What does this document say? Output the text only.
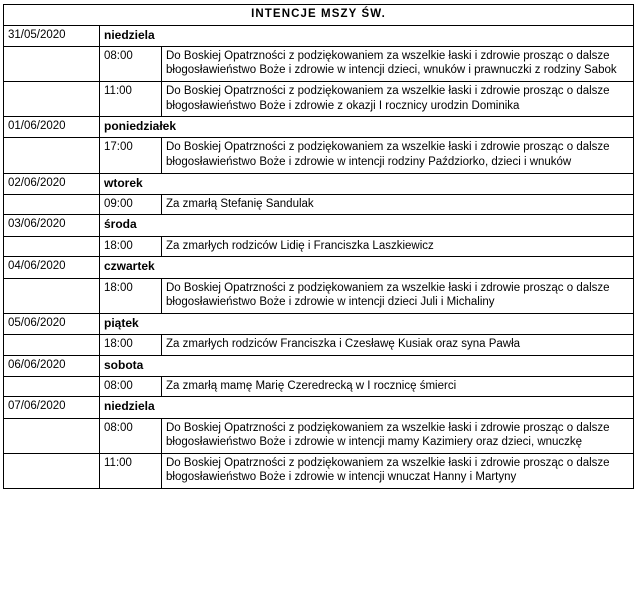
INTENCJE MSZY ŚW.		
31/05/2020	niedziela	
	08:00	Do Boskiej Opatrzności z podziękowaniem za wszelkie łaski i zdrowie prosząc o dalsze błogosławieństwo Boże i zdrowie w intencji dzieci, wnuków i prawnuczki z rodziny Sabok
	11:00	Do Boskiej Opatrzności z podziękowaniem za wszelkie łaski i zdrowie prosząc o dalsze błogosławieństwo Boże i zdrowie z okazji I rocznicy urodzin Dominika
01/06/2020	poniedziałek	
	17:00	Do Boskiej Opatrzności z podziękowaniem za wszelkie łaski i zdrowie prosząc o dalsze błogosławieństwo Boże i zdrowie w intencji rodziny Paździorko, dzieci i wnuków
02/06/2020	wtorek	
	09:00	Za zmarłą Stefanię Sandulak
03/06/2020	środa	
	18:00	Za zmarłych rodziców Lidię i Franciszka Laszkiewicz
04/06/2020	czwartek	
	18:00	Do Boskiej Opatrzności z podziękowaniem za wszelkie łaski i zdrowie prosząc o dalsze błogosławieństwo Boże i zdrowie w intencji dzieci Juli i Michaliny
05/06/2020	piątek	
	18:00	Za zmarłych rodziców Franciszka i Czesławę Kusiak oraz syna Pawła
06/06/2020	sobota	
	08:00	Za zmarłą mamę Marię Czeredrecką w I rocznicę śmierci
07/06/2020	niedziela	
	08:00	Do Boskiej Opatrzności z podziękowaniem za wszelkie łaski i zdrowie prosząc o dalsze błogosławieństwo Boże i zdrowie w intencji mamy Kazimiery oraz dzieci, wnuczkę
	11:00	Do Boskiej Opatrzności z podziękowaniem za wszelkie łaski i zdrowie prosząc o dalsze błogosławieństwo Boże i zdrowie w intencji wnuczat Hanny i Martyny
